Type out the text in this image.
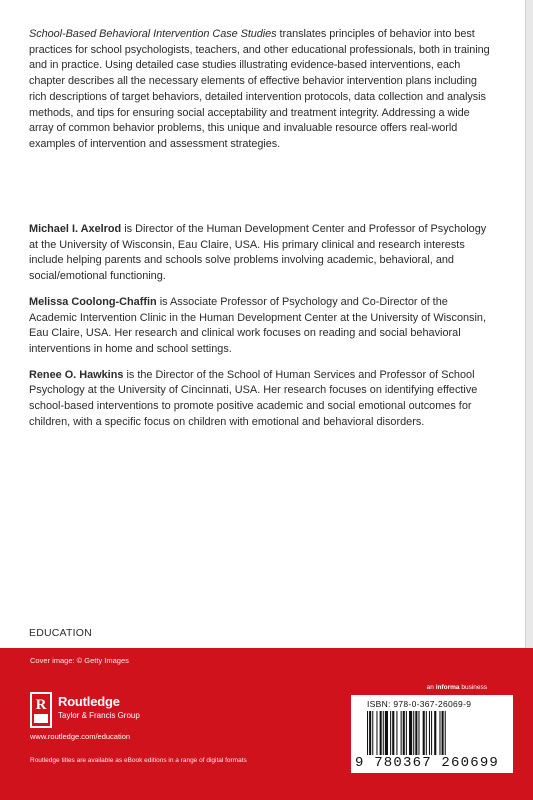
School-Based Behavioral Intervention Case Studies translates principles of behavior into best practices for school psychologists, teachers, and other educational professionals, both in training and in practice. Using detailed case studies illustrating evidence-based interventions, each chapter describes all the necessary elements of effective behavior intervention plans including rich descriptions of target behaviors, detailed intervention protocols, data collection and analysis methods, and tips for ensuring social acceptability and treatment integrity. Addressing a wide array of common behavior problems, this unique and invaluable resource offers real-world examples of intervention and assessment strategies.

Michael I. Axelrod is Director of the Human Development Center and Professor of Psychology at the University of Wisconsin, Eau Claire, USA. His primary clinical and research interests include helping parents and schools solve problems involving academic, behavioral, and social/emotional functioning.

Melissa Coolong-Chaffin is Associate Professor of Psychology and Co-Director of the Academic Intervention Clinic in the Human Development Center at the University of Wisconsin, Eau Claire, USA. Her research and clinical work focuses on reading and social behavioral interventions in home and school settings.

Renee O. Hawkins is the Director of the School of Human Services and Professor of School Psychology at the University of Cincinnati, USA. Her research focuses on identifying effective school-based interventions to promote positive academic and social emotional outcomes for children, with a specific focus on children with emotional and behavioral disorders.

EDUCATION
Cover image: © Getty Images
an informa business
R Routledge
Taylor & Francis Group
www.routledge.com/education
Routledge titles are available as eBook editions in a range of digital formats
ISBN: 978-0-367-26069-9
9 780367 260699
